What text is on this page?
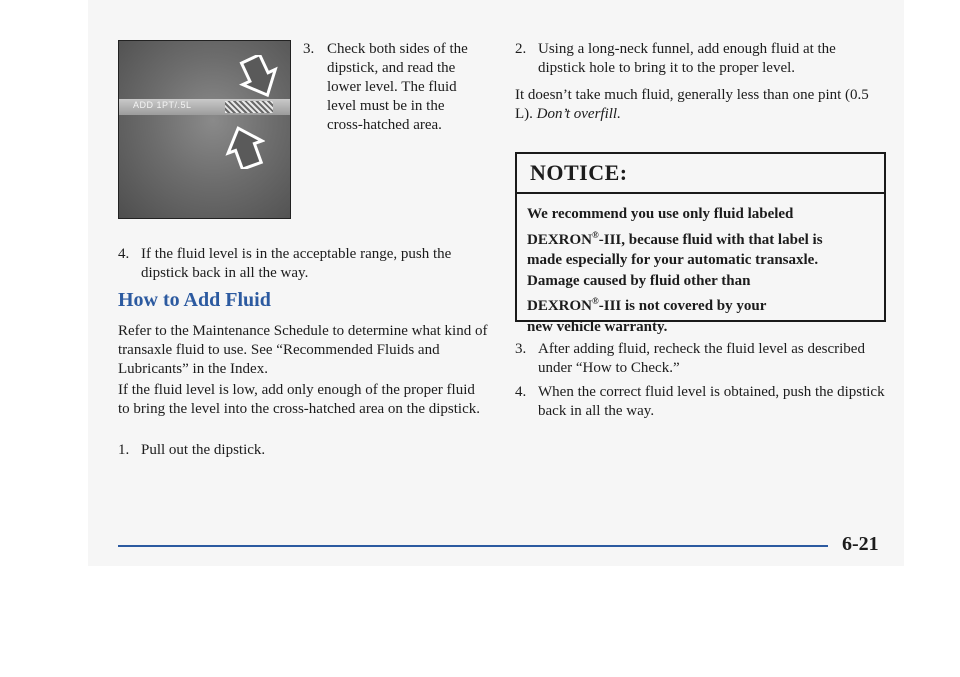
ADD 1PT/.5L
3. Check both sides of the dipstick, and read the lower level. The fluid level must be in the cross-hatched area.
4. If the fluid level is in the acceptable range, push the dipstick back in all the way.
How to Add Fluid

Refer to the Maintenance Schedule to determine what kind of transaxle fluid to use. See “Recommended Fluids and Lubricants” in the Index.

If the fluid level is low, add only enough of the proper fluid to bring the level into the cross-hatched area on the dipstick.

1. Pull out the dipstick.
2. Using a long-neck funnel, add enough fluid at the dipstick hole to bring it to the proper level.

It doesn’t take much fluid, generally less than one pint (0.5 L). Don’t overfill.

NOTICE:
We recommend you use only fluid labeled
DEXRON®-III, because fluid with that label is
made especially for your automatic transaxle.
Damage caused by fluid other than
DEXRON®-III is not covered by your
new vehicle warranty.
3. After adding fluid, recheck the fluid level as described under “How to Check.”
4. When the correct fluid level is obtained, push the dipstick back in all the way.
6-21
